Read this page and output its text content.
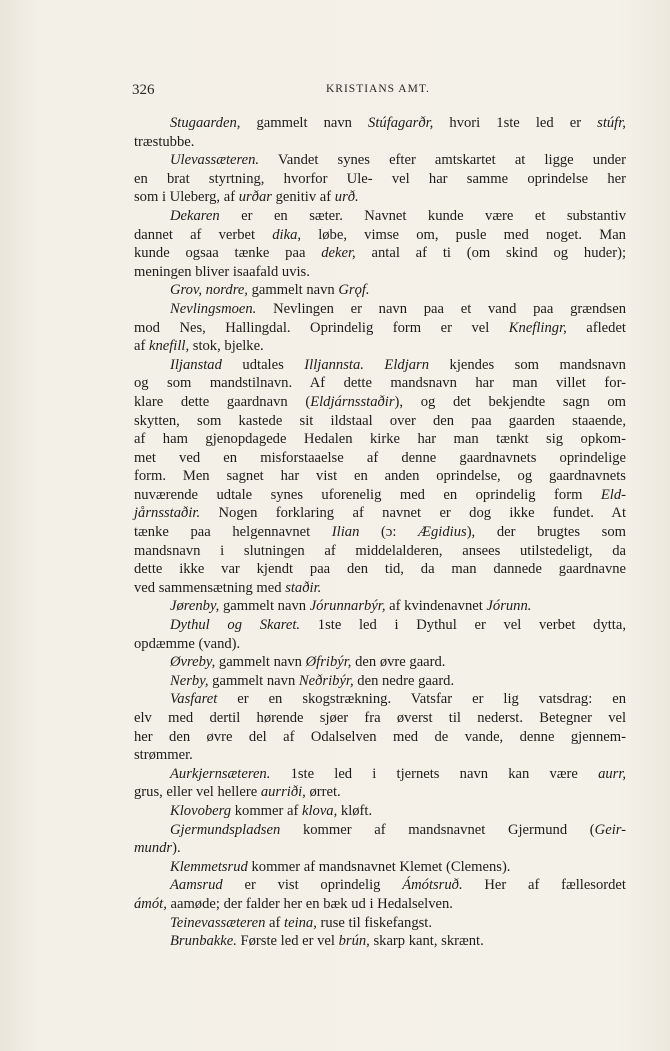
326	KRISTIANS AMT.
Stugaarden, gammelt navn Stúfagarðr, hvori 1ste led er stúfr,
træstubbe.
Ulevassæteren. Vandet synes efter amtskartet at ligge under
en brat styrtning, hvorfor Ule- vel har samme oprindelse her
som i Uleberg, af urðar genitiv af urð.
Dekaren er en sæter. Navnet kunde være et substantiv
dannet af verbet dika, løbe, vimse om, pusle med noget. Man
kunde ogsaa tænke paa deker, antal af ti (om skind og huder);
meningen bliver isaafald uvis.
Grov, nordre, gammelt navn Grǫf.
Nevlingsmoen. Nevlingen er navn paa et vand paa grændsen
mod Nes, Hallingdal. Oprindelig form er vel Kneflingr, afledet
af knefill, stok, bjelke.
Iljanstad udtales Illjannsta. Eldjarn kjendes som mandsnavn
og som mandstilnavn. Af dette mandsnavn har man villet for-
klare dette gaardnavn (Eldjárnsstaðir), og det bekjendte sagn om
skytten, som kastede sit ildstaal over den paa gaarden staaende,
af ham gjenopdagede Hedalen kirke har man tænkt sig opkom-
met ved en misforstaaelse af denne gaardnavnets oprindelige
form. Men sagnet har vist en anden oprindelse, og gaardnavnets
nuværende udtale synes uforenelig med en oprindelig form Eld-
jårnsstaðir. Nogen forklaring af navnet er dog ikke fundet. At
tænke paa helgennavnet Ilian (ɔ: Ægidius), der brugtes som
mandsnavn i slutningen af middelalderen, ansees utilstedeligt, da
dette ikke var kjendt paa den tid, da man dannede gaardnavne
ved sammensætning med staðir.
Jørenby, gammelt navn Jórunnarbýr, af kvindenavnet Jórunn.
Dythul og Skaret. 1ste led i Dythul er vel verbet dytta,
opdæmme (vand).
Øvreby, gammelt navn Øfribýr, den øvre gaard.
Nerby, gammelt navn Neðribýr, den nedre gaard.
Vasfaret er en skogstrækning. Vatsfar er lig vatsdrag: en
elv med dertil hørende sjøer fra øverst til nederst. Betegner vel
her den øvre del af Odalselven med de vande, denne gjennem-
strømmer.
Aurkjernsæteren. 1ste led i tjernets navn kan være aurr,
grus, eller vel hellere aurriði, ørret.
Klovoberg kommer af klova, kløft.
Gjermundspladsen kommer af mandsnavnet Gjermund (Geir-
mundr).
Klemmetsrud kommer af mandsnavnet Klemet (Clemens).
Aamsrud er vist oprindelig Ámótsruð. Her af fællesordet
ámót, aamøde; der falder her en bæk ud i Hedalselven.
Teinevassæteren af teina, ruse til fiskefangst.
Brunbakke. Første led er vel brún, skarp kant, skrænt.
